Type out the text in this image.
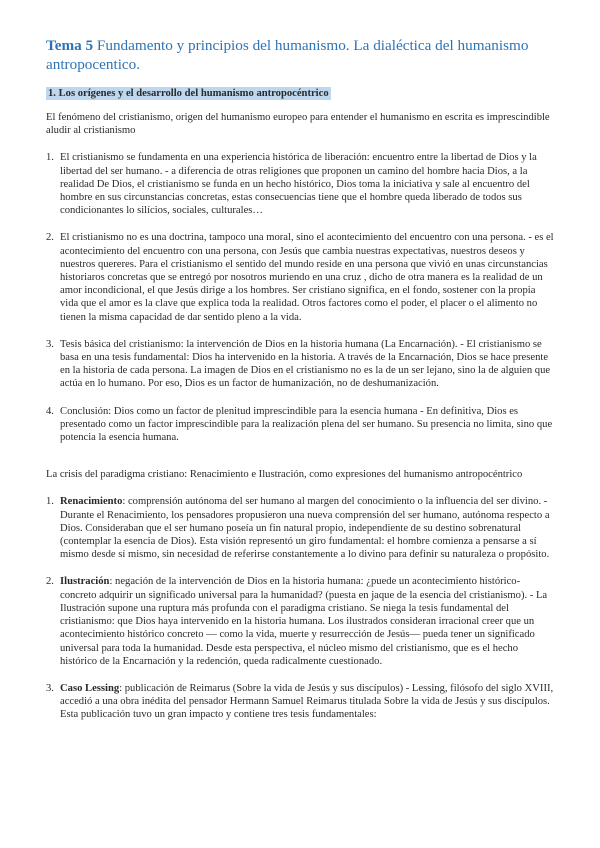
Tema 5 Fundamento y principios del humanismo. La dialéctica del humanismo antropocentico.
1. Los orígenes y el desarrollo del humanismo antropocéntrico

El fenómeno del cristianismo, origen del humanismo europeo para entender el humanismo en escrita es imprescindible aludir al cristianismo

1. El cristianismo se fundamenta en una experiencia histórica de liberación: encuentro entre la libertad de Dios y la libertad del ser humano. - a diferencia de otras religiones que proponen un camino del hombre hacia Dios, a la realidad De Dios, el cristianismo se funda en un hecho histórico, Dios toma la iniciativa y sale al encuentro del hombre en sus circunstancias concretas, estas consecuencias tiene que el hombre queda liberado de todos sus condicionantes lo silícios, sociales, culturales…
2. El cristianismo no es una doctrina, tampoco una moral, sino el acontecimiento del encuentro con una persona. - es el acontecimiento del encuentro con una persona, con Jesús que cambia nuestras expectativas, nuestros deseos y nuestros quereres. Para el cristianismo el sentido del mundo reside en una persona que vivió en unas circunstancias historiaros concretas que se entregó por nosotros muriendo en una cruz , dicho de otra manera es la realidad de un amor incondicional, el que Jesús dirige a los hombres. Ser cristiano significa, en el fondo, sostener con la propia vida que el amor es la clave que explica toda la realidad. Otros factores como el poder, el placer o el alimento no tienen la misma capacidad de dar sentido pleno a la vida.
3. Tesis básica del cristianismo: la intervención de Dios en la historia humana (La Encarnación). - El cristianismo se basa en una tesis fundamental: Dios ha intervenido en la historia. A través de la Encarnación, Dios se hace presente en la historia de cada persona. La imagen de Dios en el cristianismo no es la de un ser lejano, sino la de alguien que actúa en lo humano. Por eso, Dios es un factor de humanización, no de deshumanización.
4. Conclusión: Dios como un factor de plenitud imprescindible para la esencia humana - En definitiva, Dios es presentado como un factor imprescindible para la realización plena del ser humano. Su presencia no limita, sino que potencia la esencia humana.

La crisis del paradigma cristiano: Renacimiento e Ilustración, como expresiones del humanismo antropocéntrico

1. Renacimiento: comprensión autónoma del ser humano al margen del conocimiento o la influencia del ser divino. - Durante el Renacimiento, los pensadores propusieron una nueva comprensión del ser humano, autónoma respecto a Dios. Consideraban que el ser humano poseía un fin natural propio, independiente de su destino sobrenatural (contemplar la esencia de Dios). Esta visión representó un giro fundamental: el hombre comienza a pensarse a sí mismo desde sí mismo, sin necesidad de referirse constantemente a lo divino para definir su naturaleza o propósito.
2. Ilustración: negación de la intervención de Dios en la historia humana: ¿puede un acontecimiento histórico- concreto adquirir un significado universal para la humanidad? (puesta en jaque de la esencia del cristianismo). - La Ilustración supone una ruptura más profunda con el paradigma cristiano. Se niega la tesis fundamental del cristianismo: que Dios haya intervenido en la historia humana. Los ilustrados consideran irracional creer que un acontecimiento histórico concreto — como la vida, muerte y resurrección de Jesús— pueda tener un significado universal para toda la humanidad. Desde esta perspectiva, el núcleo mismo del cristianismo, que es el hecho histórico de la Encarnación y la redención, queda radicalmente cuestionado.
3. Caso Lessing: publicación de Reimarus (Sobre la vida de Jesús y sus discípulos) - Lessing, filósofo del siglo XVIII, accedió a una obra inédita del pensador Hermann Samuel Reimarus titulada Sobre la vida de Jesús y sus discípulos. Esta publicación tuvo un gran impacto y contiene tres tesis fundamentales:
